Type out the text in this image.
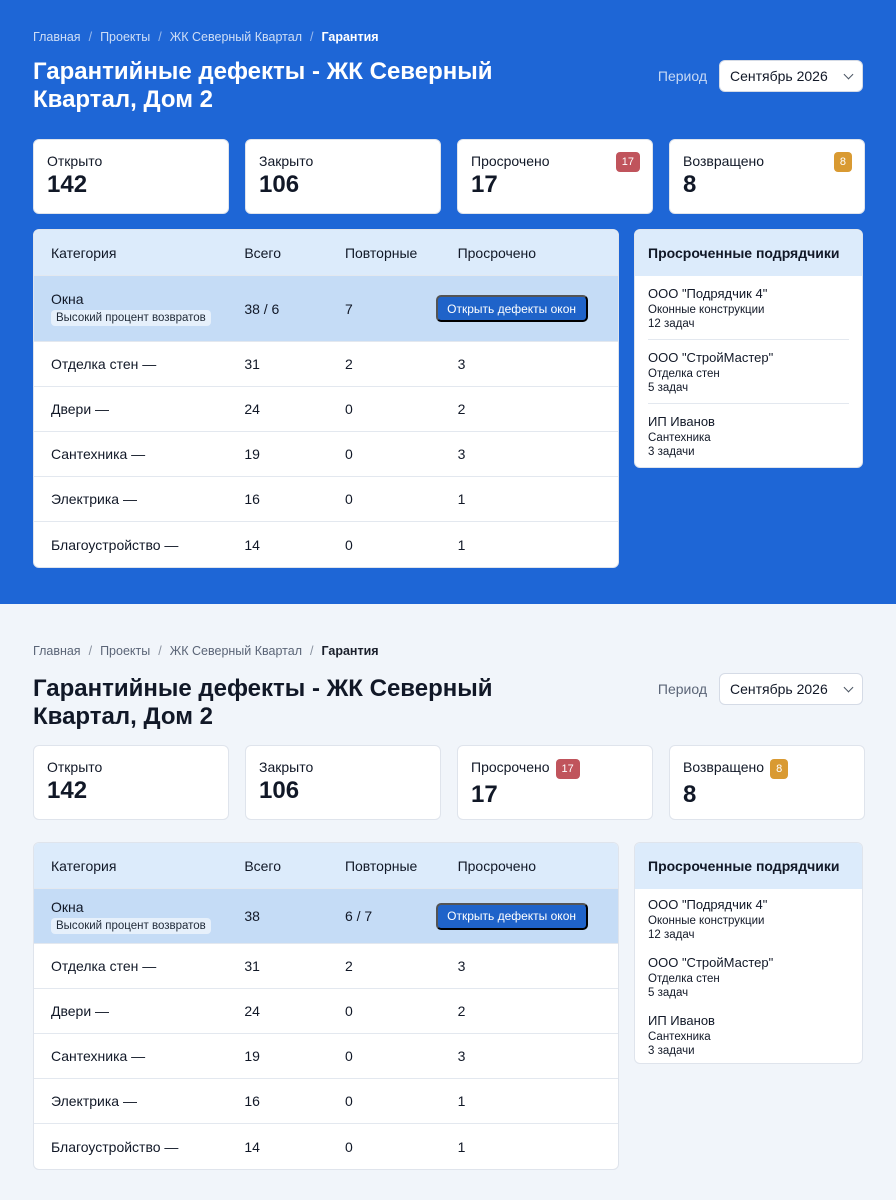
Главная / Проекты / ЖК Северный Квартал / Гарантия
Гарантийные дефекты - ЖК Северный Квартал, Дом 2
Период Сентябрь 2026
Открыто
142
Закрыто
106
Просрочено
17
17	Возвращено
8
8
Категория	Всего	Повторные	Просрочено
Окна
Высокий процент возвратов
38 / 6	7	Открыть дефекты окон
Отделка стен —	31	2	3
Двери —	24	0	2
Сантехника —	19	0	3
Электрика —	16	0	1
Благоустройство —	14	0	1
Просроченные подрядчики
ООО "Подрядчик 4"
Оконные конструкции
12 задач
ООО "СтройМастер"
Отделка стен
5 задач
ИП Иванов
Сантехника
3 задачи
Главная / Проекты / ЖК Северный Квартал / Гарантия
Гарантийные дефекты - ЖК Северный Квартал, Дом 2
Период Сентябрь 2026
Открыто
142
Закрыто
106
Просрочено 17
17
Возвращено 8
8
Категория	Всего	Повторные	Просрочено
Окна
Высокий процент возвратов
38	6 / 7	Открыть дефекты окон
Отделка стен —	31	2	3
Двери —	24	0	2
Сантехника —	19	0	3
Электрика —	16	0	1
Благоустройство —	14	0	1
Просроченные подрядчики
ООО "Подрядчик 4"
Оконные конструкции
12 задач
ООО "СтройМастер"
Отделка стен
5 задач
ИП Иванов
Сантехника
3 задачи
